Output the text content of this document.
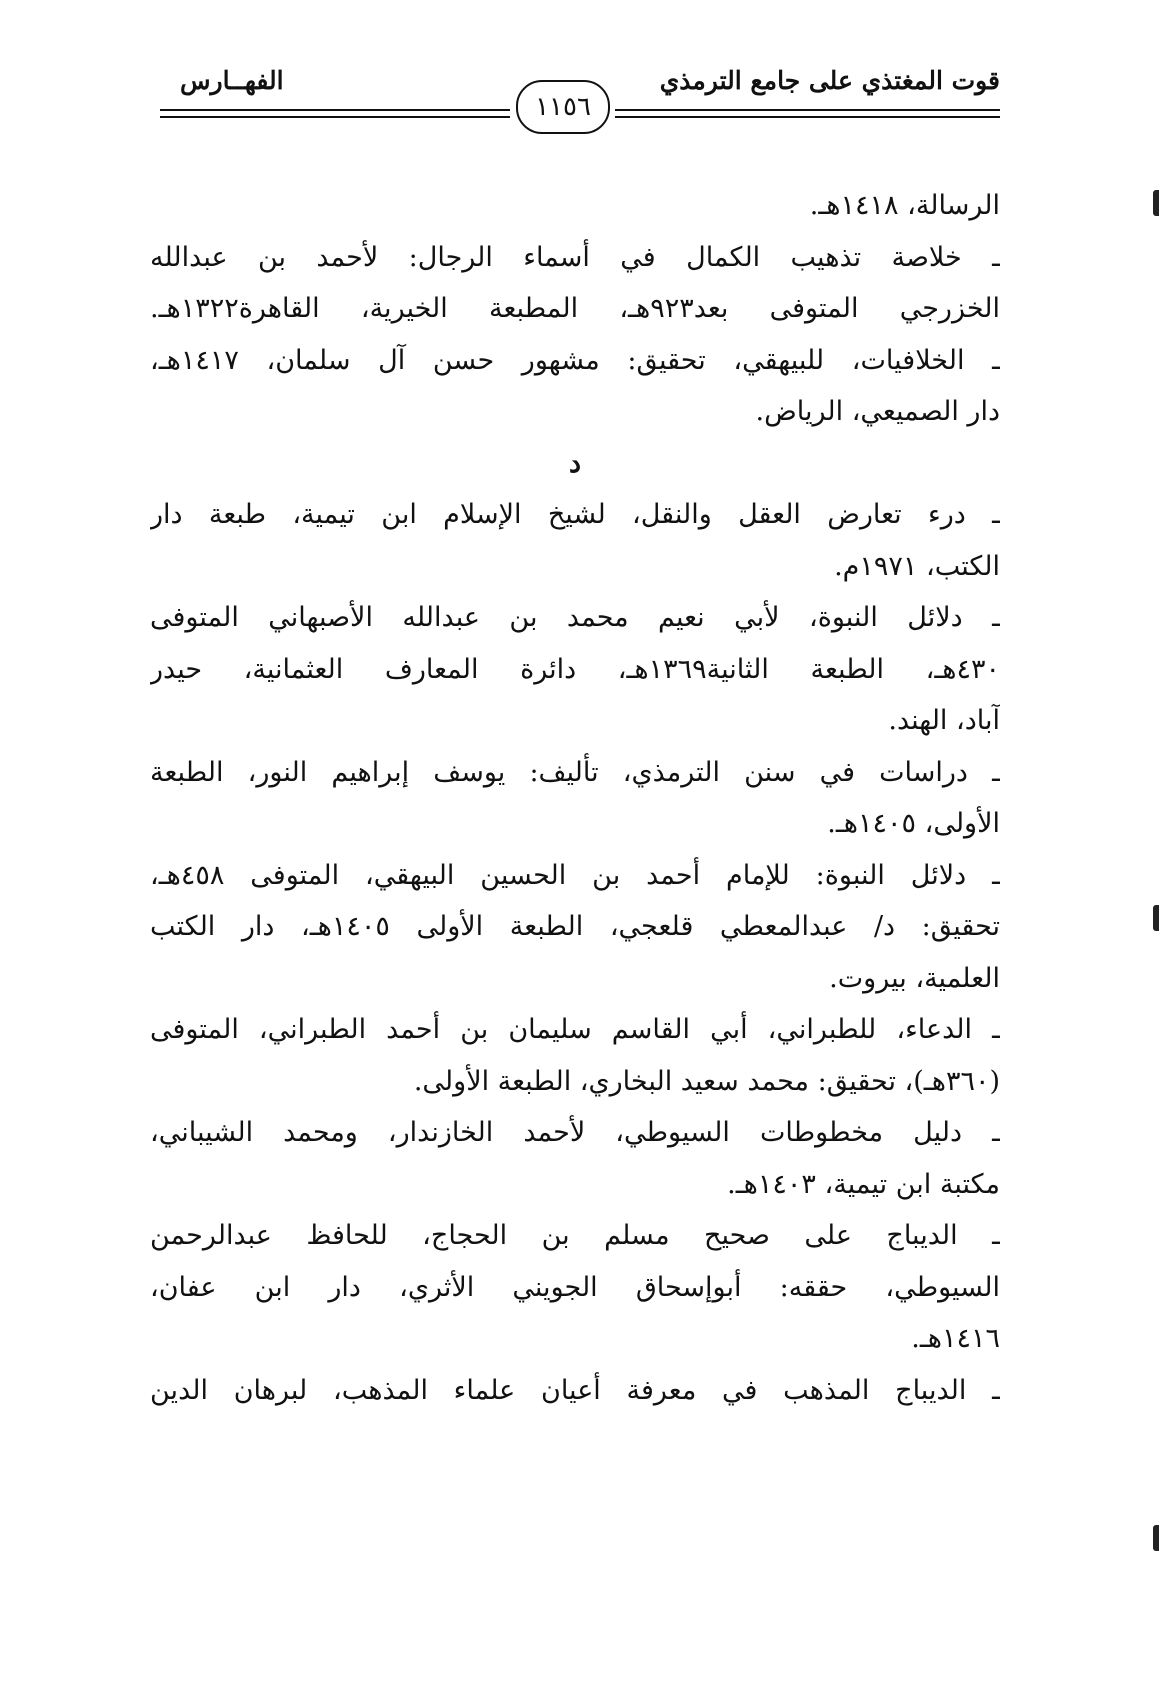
قوت المغتذي على جامع الترمذي
الفهــارس
١١٥٦
الرسالة، ١٤١٨هـ.
ـ خلاصة تذهيب الكمال في أسماء الرجال: لأحمد بن عبدالله
الخزرجي المتوفى بعد٩٢٣هـ، المطبعة الخيرية، القاهرة١٣٢٢هـ.
ـ الخلافيات، للبيهقي، تحقيق: مشهور حسن آل سلمان، ١٤١٧هـ،
دار الصميعي، الرياض.
د
ـ درء تعارض العقل والنقل، لشيخ الإسلام ابن تيمية، طبعة دار
الكتب، ١٩٧١م.
ـ دلائل النبوة، لأبي نعيم محمد بن عبدالله الأصبهاني المتوفى
٤٣٠هـ، الطبعة الثانية١٣٦٩هـ، دائرة المعارف العثمانية، حيدر
آباد، الهند.
ـ دراسات في سنن الترمذي، تأليف: يوسف إبراهيم النور، الطبعة
الأولى، ١٤٠٥هـ.
ـ دلائل النبوة: للإمام أحمد بن الحسين البيهقي، المتوفى ٤٥٨هـ،
تحقيق: د/ عبدالمعطي قلعجي، الطبعة الأولى ١٤٠٥هـ، دار الكتب
العلمية، بيروت.
ـ الدعاء، للطبراني، أبي القاسم سليمان بن أحمد الطبراني، المتوفى
(٣٦٠هـ)، تحقيق: محمد سعيد البخاري، الطبعة الأولى.
ـ دليل مخطوطات السيوطي، لأحمد الخازندار، ومحمد الشيباني،
مكتبة ابن تيمية، ١٤٠٣هـ.
ـ الديباج على صحيح مسلم بن الحجاج، للحافظ عبدالرحمن
السيوطي، حققه: أبوإسحاق الجويني الأثري، دار ابن عفان،
١٤١٦هـ.
ـ الديباج المذهب في معرفة أعيان علماء المذهب، لبرهان الدين
